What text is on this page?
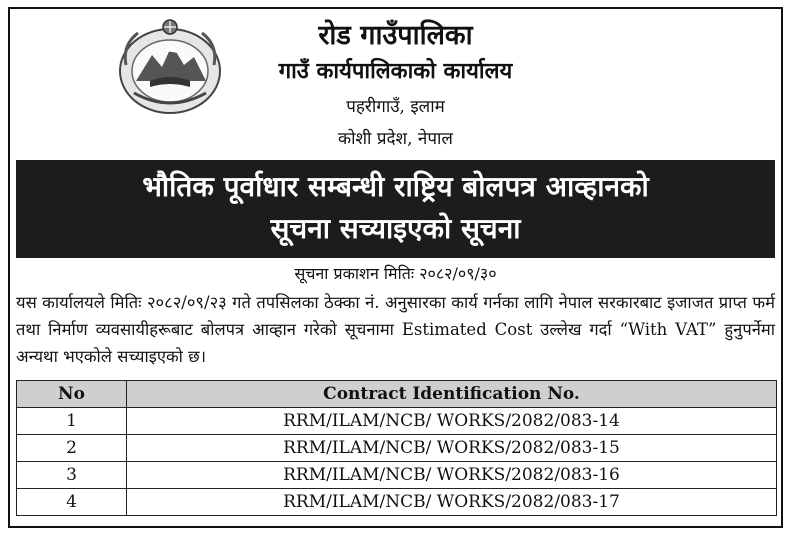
रोड गाउँपालिका
गाउँ कार्यपालिकाको कार्यालय
पहरीगाउँ, इलाम
कोशी प्रदेश, नेपाल
भौतिक पूर्वाधार सम्बन्धी राष्ट्रिय बोलपत्र आव्हानको
सूचना सच्याइएको सूचना
सूचना प्रकाशन मितिः २०८२/०९/३०
यस कार्यालयले मितिः २०८२/०९/२३ गते तपसिलका ठेक्का नं. अनुसारका कार्य गर्नका लागि नेपाल सरकारबाट इजाजत प्राप्त फर्म तथा निर्माण व्यवसायीहरूबाट बोलपत्र आव्हान गरेको सूचनामा Estimated Cost उल्लेख गर्दा “With VAT” हुनुपर्नेमा अन्यथा भएकोले सच्याइएको छ।
No	Contract Identification No.
1	RRM/ILAM/NCB/ WORKS/2082/083-14
2	RRM/ILAM/NCB/ WORKS/2082/083-15
3	RRM/ILAM/NCB/ WORKS/2082/083-16
4	RRM/ILAM/NCB/ WORKS/2082/083-17
